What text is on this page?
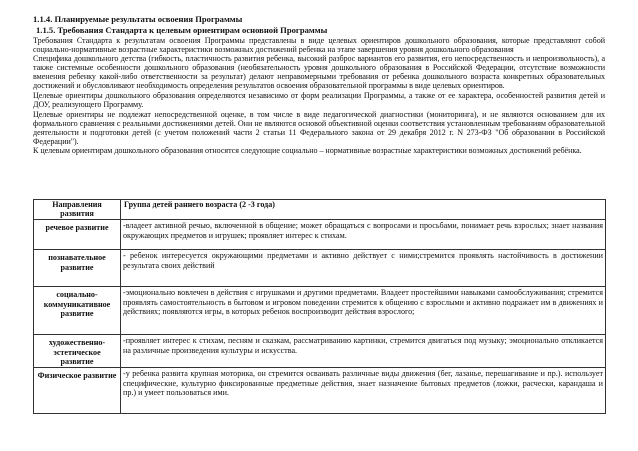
1.1.4. Планируемые результаты освоения Программы
1.1.5. Требования Стандарта к целевым ориентирам основной Программы

Требования Стандарта к результатам освоения Программы представлены в виде целевых ориентиров дошкольного образования, которые представляют собой социально-нормативные возрастные характеристики возможных достижений ребенка на этапе завершения уровня дошкольного образования

Специфика дошкольного детства (гибкость, пластичность развития ребенка, высокий разброс вариантов его развития, его непосредственность и непроизвольность), а также системные особенности дошкольного образования (необязательность уровня дошкольного образования в Российской Федерации, отсутствие возможности вменения ребенку какой-либо ответственности за результат) делают неправомерными требования от ребенка дошкольного возраста конкретных образовательных достижений и обусловливают необходимость определения результатов освоения образовательной программы в виде целевых ориентиров.

Целевые ориентиры дошкольного образования определяются независимо от форм реализации Программы, а также от ее характера, особенностей развития детей и ДОУ, реализующего Программу.

Целевые ориентиры не подлежат непосредственной оценке, в том числе в виде педагогической диагностики (мониторинга), и не являются основанием для их формального сравнения с реальными достижениями детей. Они не являются основой объективной оценки соответствия установленным требованиям образовательной деятельности и подготовки детей (с учетом положений части 2 статьи 11 Федерального закона от 29 декабря 2012 г. N 273-ФЗ "Об образовании в Российской Федерации").

К целевым ориентирам дошкольного образования относятся следующие социально – нормативные возрастные характеристики возможных достижений ребёнка.

Направления развития	Группа детей раннего возраста (2 -3 года)
речевое развитие	-владеет активной речью, включенной в общение; может обращаться с вопросами и просьбами, понимает речь взрослых; знает названия окружающих предметов и игрушек; проявляет интерес к стихам.
познавательное развитие	- ребенок интересуется окружающими предметами и активно действует с ними;стремится проявлять настойчивость в достижении результата своих действий
социально-коммуникативное развитие	-эмоционально вовлечен в действия с игрушками и другими предметами. Владеет простейшими навыками самообслуживания; стремится проявлять самостоятельность в бытовом и игровом поведении стремится к общению с взрослыми и активно подражает им в движениях и действиях; появляются игры, в которых ребенок воспроизводит действия взрослого;
художественно-эстетическое развитие	-проявляет интерес к стихам, песням и сказкам, рассматриванию картинки, стремится двигаться под музыку; эмоционально откликается на различные произведения культуры и искусства.
Физическое развитие	-у ребенка развита крупная моторика, он стремится осваивать различные виды движения (бег, лазанье, перешагивание и пр.). использует специфические, культурно фиксированные предметные действия, знает назначение бытовых предметов (ложки, расчески, карандаша и пр.) и умеет пользоваться ими.
